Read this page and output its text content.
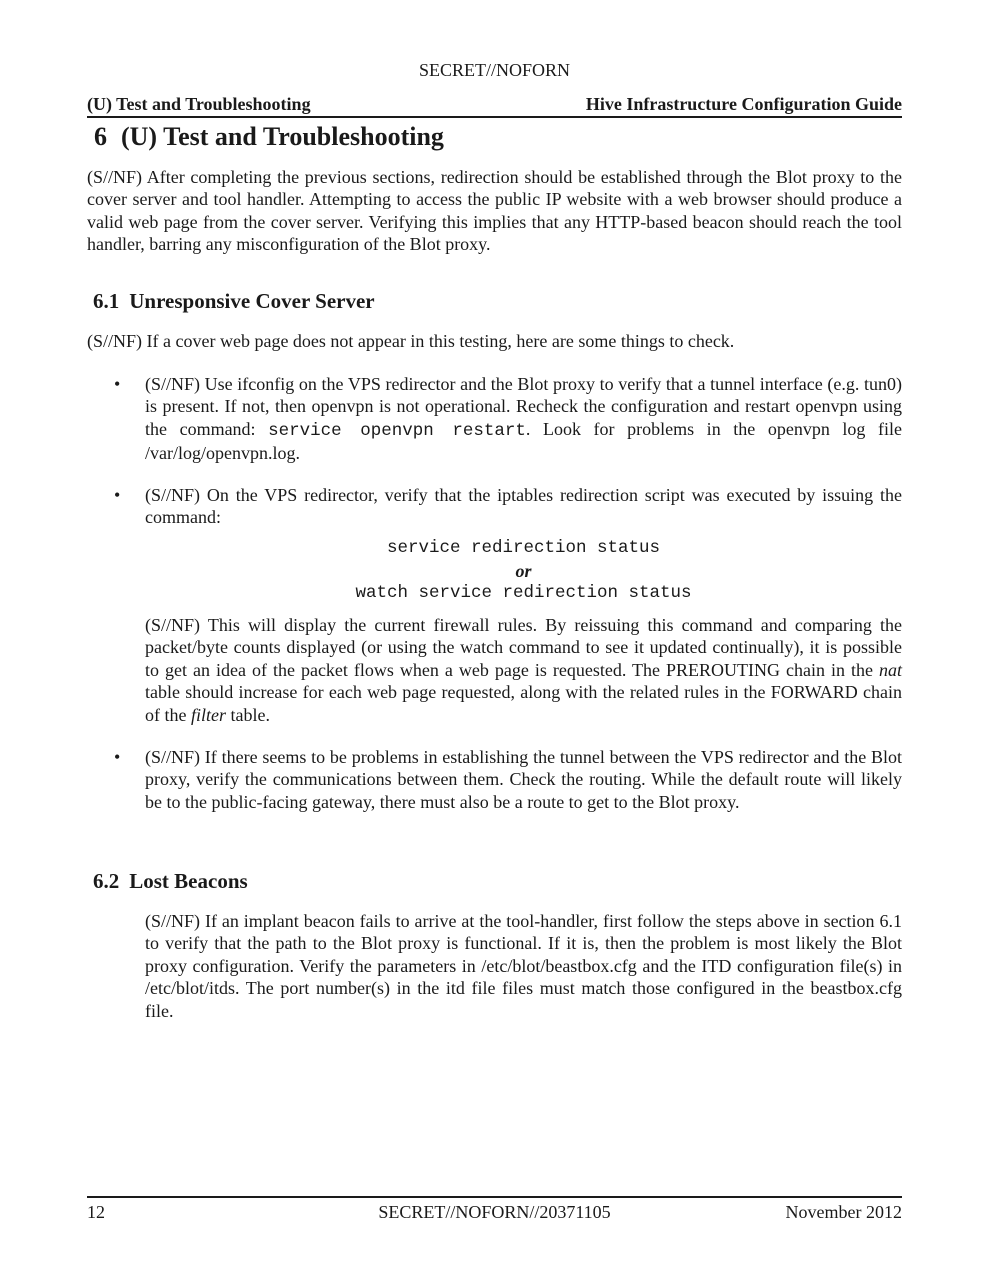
SECRET//NOFORN
(U) Test and Troubleshooting	Hive Infrastructure Configuration Guide
6 (U) Test and Troubleshooting
(S//NF) After completing the previous sections, redirection should be established through the Blot proxy to the cover server and tool handler. Attempting to access the public IP website with a web browser should produce a valid web page from the cover server. Verifying this implies that any HTTP-based beacon should reach the tool handler, barring any misconfiguration of the Blot proxy.
6.1 Unresponsive Cover Server
(S//NF) If a cover web page does not appear in this testing, here are some things to check.
• (S//NF) Use ifconfig on the VPS redirector and the Blot proxy to verify that a tunnel interface (e.g. tun0) is present. If not, then openvpn is not operational. Recheck the configuration and restart openvpn using the command: service openvpn restart. Look for problems in the openvpn log file /var/log/openvpn.log.
• (S//NF) On the VPS redirector, verify that the iptables redirection script was executed by issuing the command:
service redirection status
or
watch service redirection status
(S//NF) This will display the current firewall rules. By reissuing this command and comparing the packet/byte counts displayed (or using the watch command to see it updated continually), it is possible to get an idea of the packet flows when a web page is requested. The PREROUTING chain in the nat table should increase for each web page requested, along with the related rules in the FORWARD chain of the filter table.
• (S//NF) If there seems to be problems in establishing the tunnel between the VPS redirector and the Blot proxy, verify the communications between them. Check the routing. While the default route will likely be to the public-facing gateway, there must also be a route to get to the Blot proxy.
6.2 Lost Beacons
(S//NF) If an implant beacon fails to arrive at the tool-handler, first follow the steps above in section 6.1 to verify that the path to the Blot proxy is functional. If it is, then the problem is most likely the Blot proxy configuration. Verify the parameters in /etc/blot/beastbox.cfg and the ITD configuration file(s) in /etc/blot/itds. The port number(s) in the itd file files must match those configured in the beastbox.cfg file.
12	SECRET//NOFORN//20371105	November 2012
